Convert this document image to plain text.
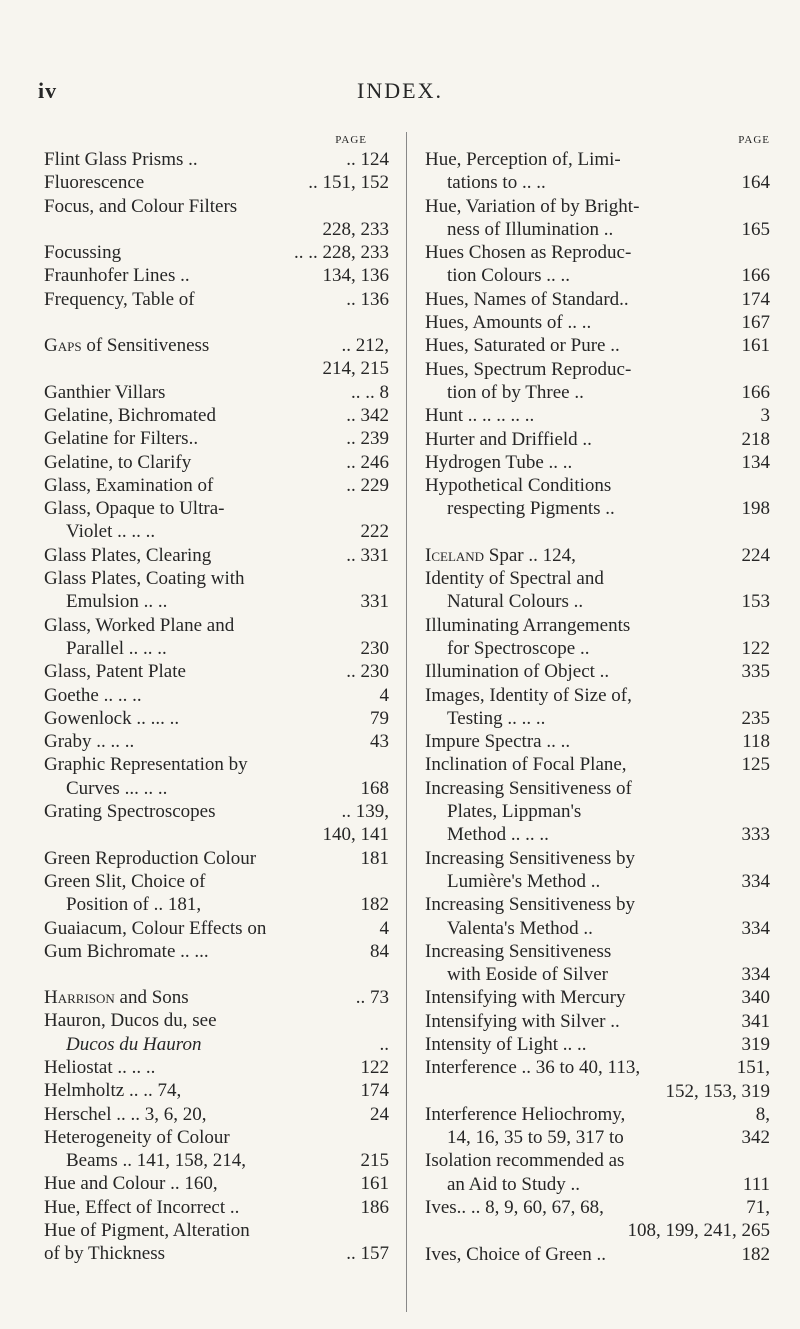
iv	INDEX.
PAGE
Flint Glass Prisms ..	.. 124
Fluorescence	.. 151, 152
Focus, and Colour Filters
228, 233
Focussing	.. .. 228, 233
Fraunhofer Lines ..	134, 136
Frequency, Table of	.. 136
Gaps of Sensitiveness	.. 212,
214, 215
Ganthier Villars	.. .. 8
Gelatine, Bichromated	.. 342
Gelatine for Filters..	.. 239
Gelatine, to Clarify	.. 246
Glass, Examination of	.. 229
Glass, Opaque to Ultra-
Violet .. .. ..	222
Glass Plates, Clearing	.. 331
Glass Plates, Coating with
Emulsion .. ..	331
Glass, Worked Plane and
Parallel .. .. ..	230
Glass, Patent Plate	.. 230
Goethe .. .. ..	4
Gowenlock .. ... ..	79
Graby .. .. ..	43
Graphic Representation by
Curves ... .. ..	168
Grating Spectroscopes	.. 139,
140, 141
Green Reproduction Colour	181
Green Slit, Choice of
Position of .. 181,	182
Guaiacum, Colour Effects on	4
Gum Bichromate .. ...	84
Harrison and Sons	.. 73
Hauron, Ducos du, see
Ducos du Hauron	..
Heliostat .. .. ..	122
Helmholtz .. .. 74,	174
Herschel .. .. 3, 6, 20,	24
Heterogeneity of Colour
Beams .. 141, 158, 214,	215
Hue and Colour .. 160,	161
Hue, Effect of Incorrect ..	186
Hue of Pigment, Alteration
of by Thickness	.. 157
PAGE
Hue, Perception of, Limi-
tations to .. ..	164
Hue, Variation of by Bright-
ness of Illumination ..	165
Hues Chosen as Reproduc-
tion Colours .. ..	166
Hues, Names of Standard..	174
Hues, Amounts of .. ..	167
Hues, Saturated or Pure ..	161
Hues, Spectrum Reproduc-
tion of by Three ..	166
Hunt .. .. .. .. ..	3
Hurter and Driffield ..	218
Hydrogen Tube .. ..	134
Hypothetical Conditions
respecting Pigments ..	198
Iceland Spar .. 124,	224
Identity of Spectral and
Natural Colours ..	153
Illuminating Arrangements
for Spectroscope ..	122
Illumination of Object ..	335
Images, Identity of Size of,
Testing .. .. ..	235
Impure Spectra .. ..	118
Inclination of Focal Plane,	125
Increasing Sensitiveness of
Plates, Lippman's
Method .. .. ..	333
Increasing Sensitiveness by
Lumière's Method ..	334
Increasing Sensitiveness by
Valenta's Method ..	334
Increasing Sensitiveness
with Eoside of Silver	334
Intensifying with Mercury	340
Intensifying with Silver ..	341
Intensity of Light .. ..	319
Interference .. 36 to 40, 113,	151,
152, 153, 319
Interference Heliochromy,	8,
14, 16, 35 to 59, 317 to	342
Isolation recommended as
an Aid to Study ..	111
Ives.. .. 8, 9, 60, 67, 68,	71,
108, 199, 241, 265
Ives, Choice of Green ..	182
